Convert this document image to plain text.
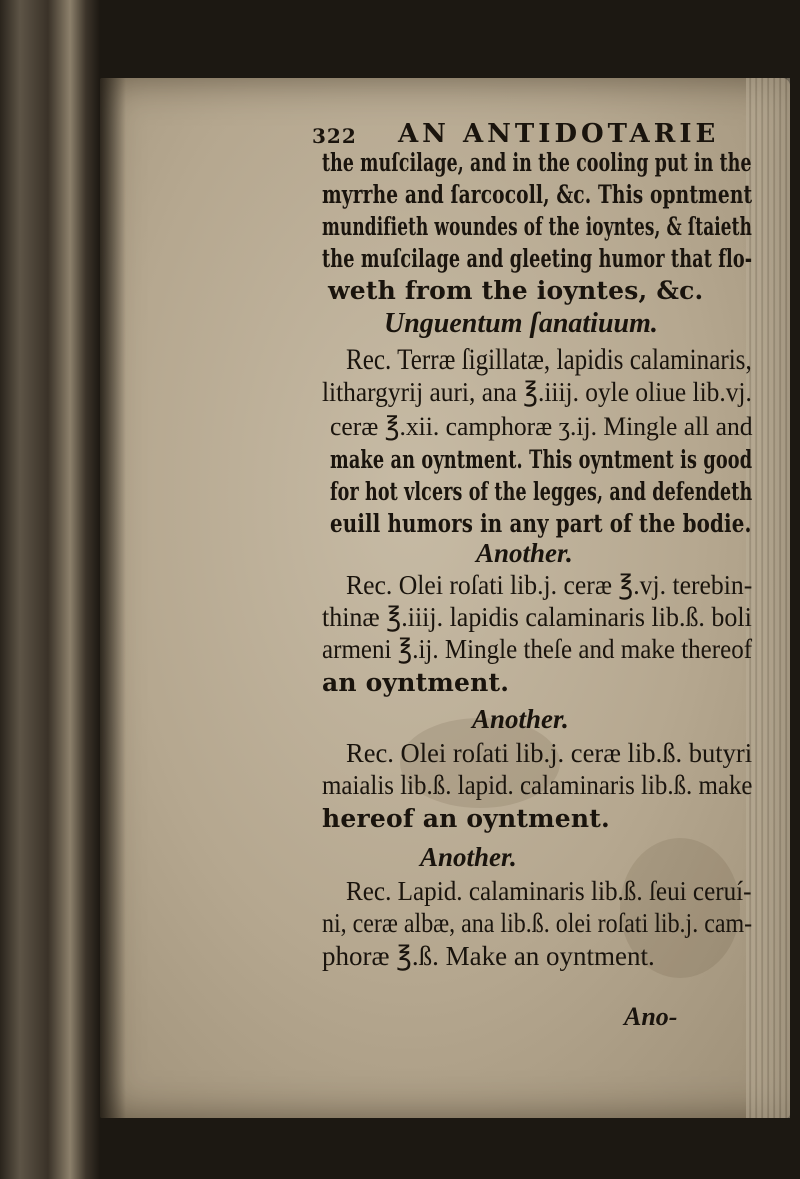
322 AN ANTIDOTARIE
the muſcilage, and in the cooling put in the
myrrhe and ſarcocoll, &c. This opntment
mundifieth woundes of the ioyntes, & ſtaieth
the muſcilage and gleeting humor that flo-
weth from the ioyntes, &c.
Unguentum ſanatiuum.
Rec. Terræ ſigillatæ, lapidis calaminaris,
lithargyrij auri, ana ℥.iiij. oyle oliue lib.vj.
ceræ ℥.xii. camphoræ ʒ.ij. Mingle all and
make an oyntment. This oyntment is good
for hot vlcers of the legges, and defendeth
euill humors in any part of the bodie.
Another.
Rec. Olei roſati lib.j. ceræ ℥.vj. terebin-
thinæ ℥.iiij. lapidis calaminaris lib.ß. boli
armeni ℥.ij. Mingle theſe and make thereof
an oyntment.
Another.
Rec. Olei roſati lib.j. ceræ lib.ß. butyri
maialis lib.ß. lapid. calaminaris lib.ß. make
hereof an oyntment.
Another.
Rec. Lapid. calaminaris lib.ß. ſeui ceruí-
ni, ceræ albæ, ana lib.ß. olei roſati lib.j. cam-
phoræ ℥.ß. Make an oyntment.
Ano-
